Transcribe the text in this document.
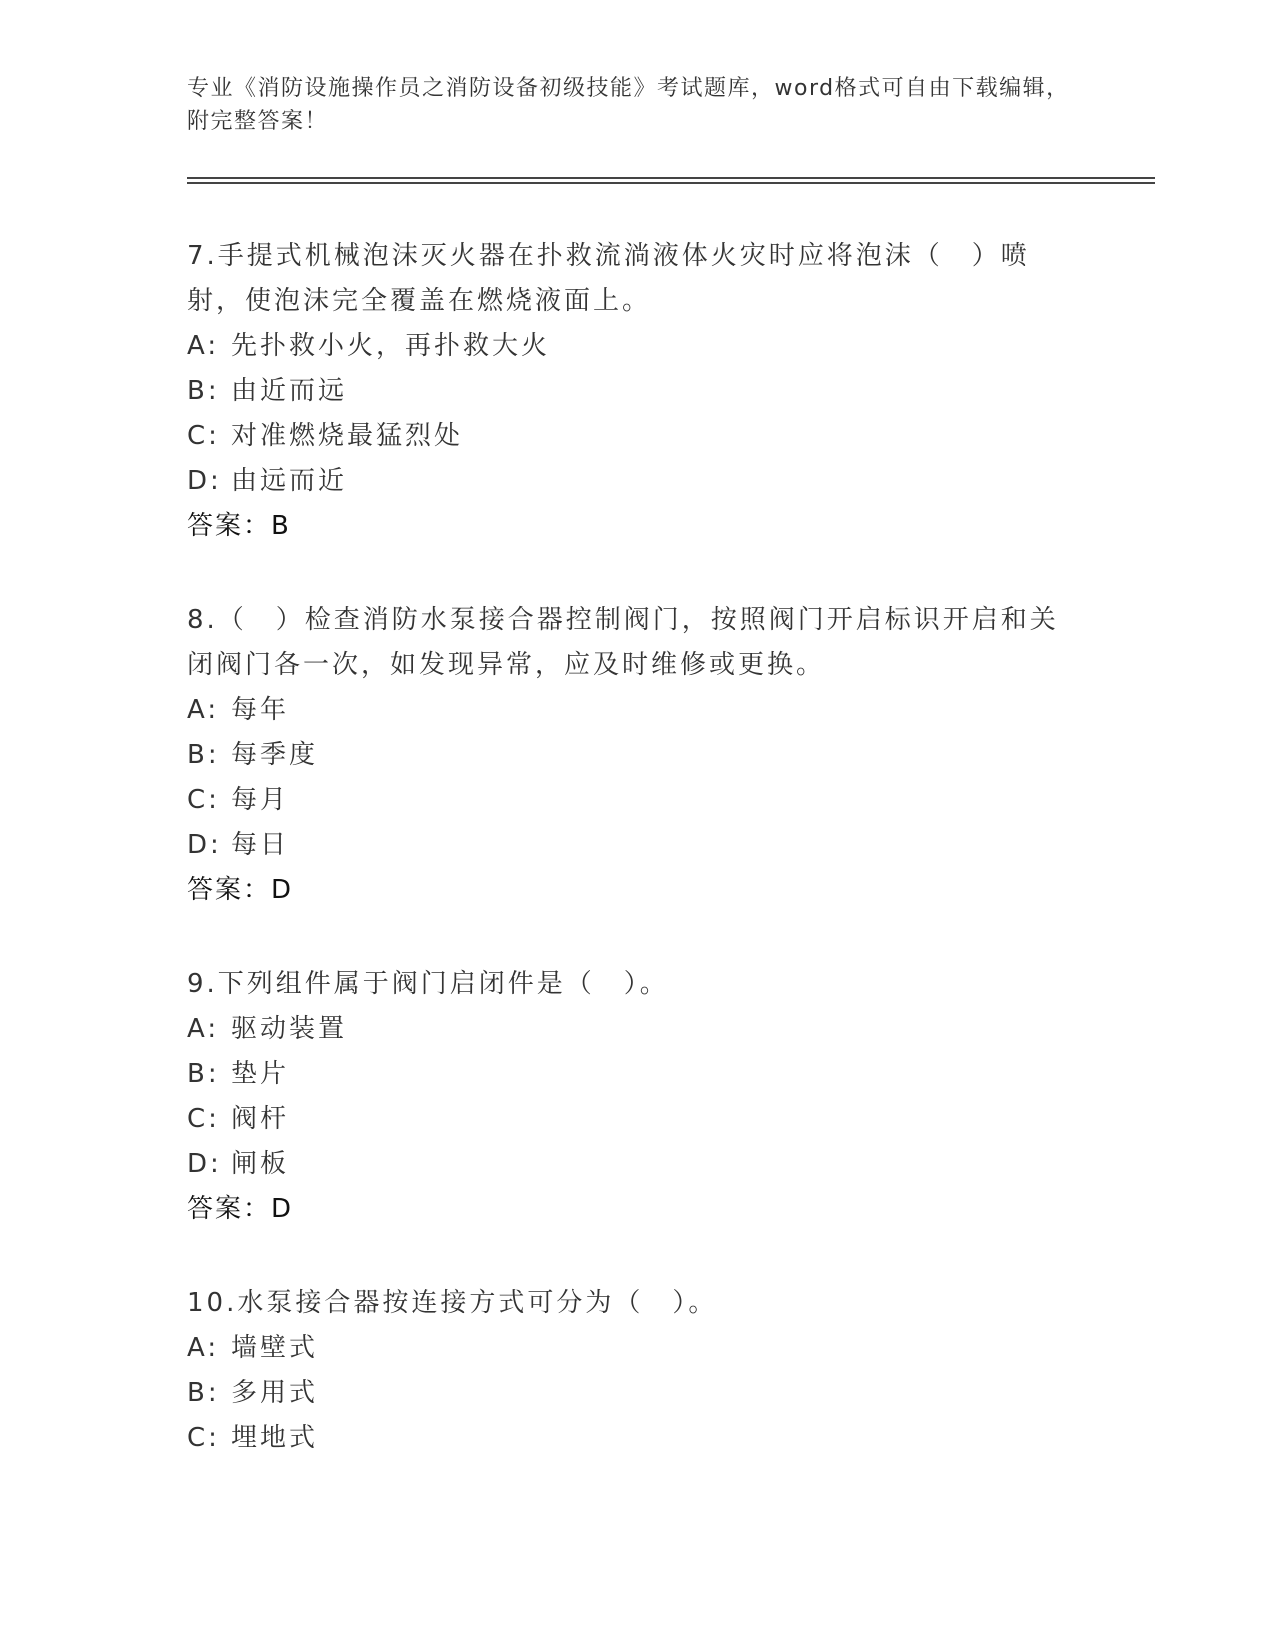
专业《消防设施操作员之消防设备初级技能》考试题库，word格式可自由下载编辑，附完整答案！

7.手提式机械泡沫灭火器在扑救流淌液体火灾时应将泡沫（　）喷射，使泡沫完全覆盖在燃烧液面上。

A: 先扑救小火，再扑救大火

B: 由近而远

C: 对准燃烧最猛烈处

D: 由远而近

答案：B

8.（　）检查消防水泵接合器控制阀门，按照阀门开启标识开启和关闭阀门各一次，如发现异常，应及时维修或更换。

A: 每年

B: 每季度

C: 每月

D: 每日

答案：D

9.下列组件属于阀门启闭件是（　）。

A: 驱动装置

B: 垫片

C: 阀杆

D: 闸板

答案：D

10.水泵接合器按连接方式可分为（　）。

A: 墙壁式

B: 多用式

C: 埋地式
